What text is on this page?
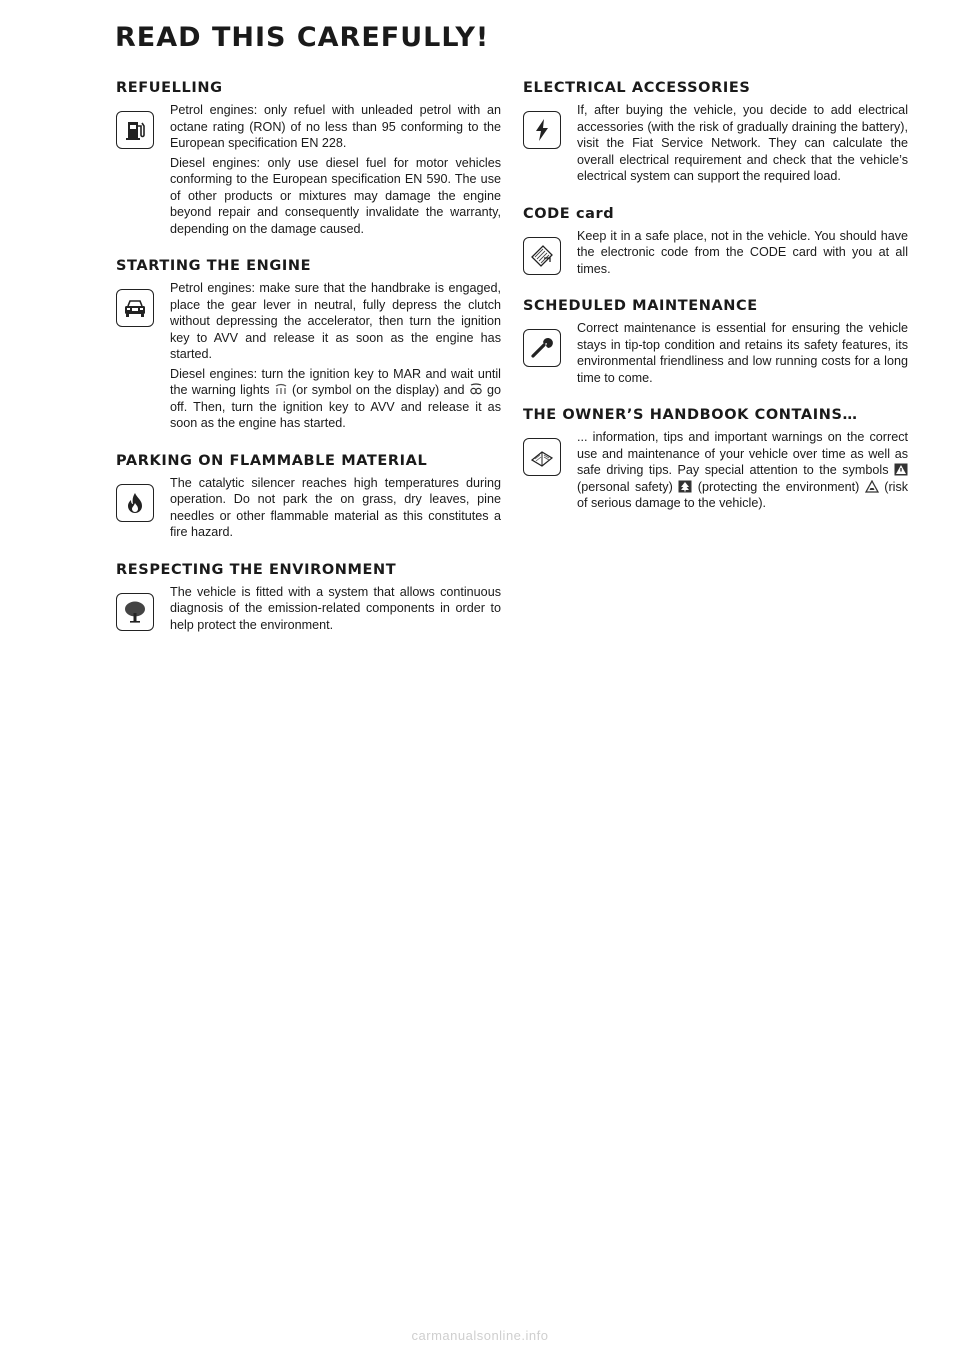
READ THIS CAREFULLY!
REFUELLING

Petrol engines: only refuel with unleaded petrol with an octane rating (RON) of no less than 95 conforming to the European specification EN 228.

Diesel engines: only use diesel fuel for motor vehicles conforming to the European specification EN 590. The use of other products or mixtures may damage the engine beyond repair and consequently invalidate the warranty, depending on the damage caused.

STARTING THE ENGINE

Petrol engines: make sure that the handbrake is engaged, place the gear lever in neutral, fully depress the clutch without depressing the accelerator, then turn the ignition key to AVV and release it as soon as the engine has started.

Diesel engines: turn the ignition key to MAR and wait until the warning lights (or symbol on the display) and go off. Then, turn the ignition key to AVV and release it as soon as the engine has started.

PARKING ON FLAMMABLE MATERIAL

The catalytic silencer reaches high temperatures during operation. Do not park the on grass, dry leaves, pine needles or other flammable material as this constitutes a fire hazard.

RESPECTING THE ENVIRONMENT

The vehicle is fitted with a system that allows continuous diagnosis of the emission-related components in order to help protect the environment.

ELECTRICAL ACCESSORIES

If, after buying the vehicle, you decide to add electrical accessories (with the risk of gradually draining the battery), visit the Fiat Service Network. They can calculate the overall electrical requirement and check that the vehicle’s electrical system can support the required load.

CODE card

Keep it in a safe place, not in the vehicle. You should have the electronic code from the CODE card with you at all times.

SCHEDULED MAINTENANCE

Correct maintenance is essential for ensuring the vehicle stays in tip-top condition and retains its safety features, its environmental friendliness and low running costs for a long time to come.

THE OWNER’S HANDBOOK CONTAINS…

... information, tips and important warnings on the correct use and maintenance of your vehicle over time as well as safe driving tips. Pay special attention to the symbols  (personal safety) (protecting the environment) (risk of serious damage to the vehicle).

carmanualsonline.info
